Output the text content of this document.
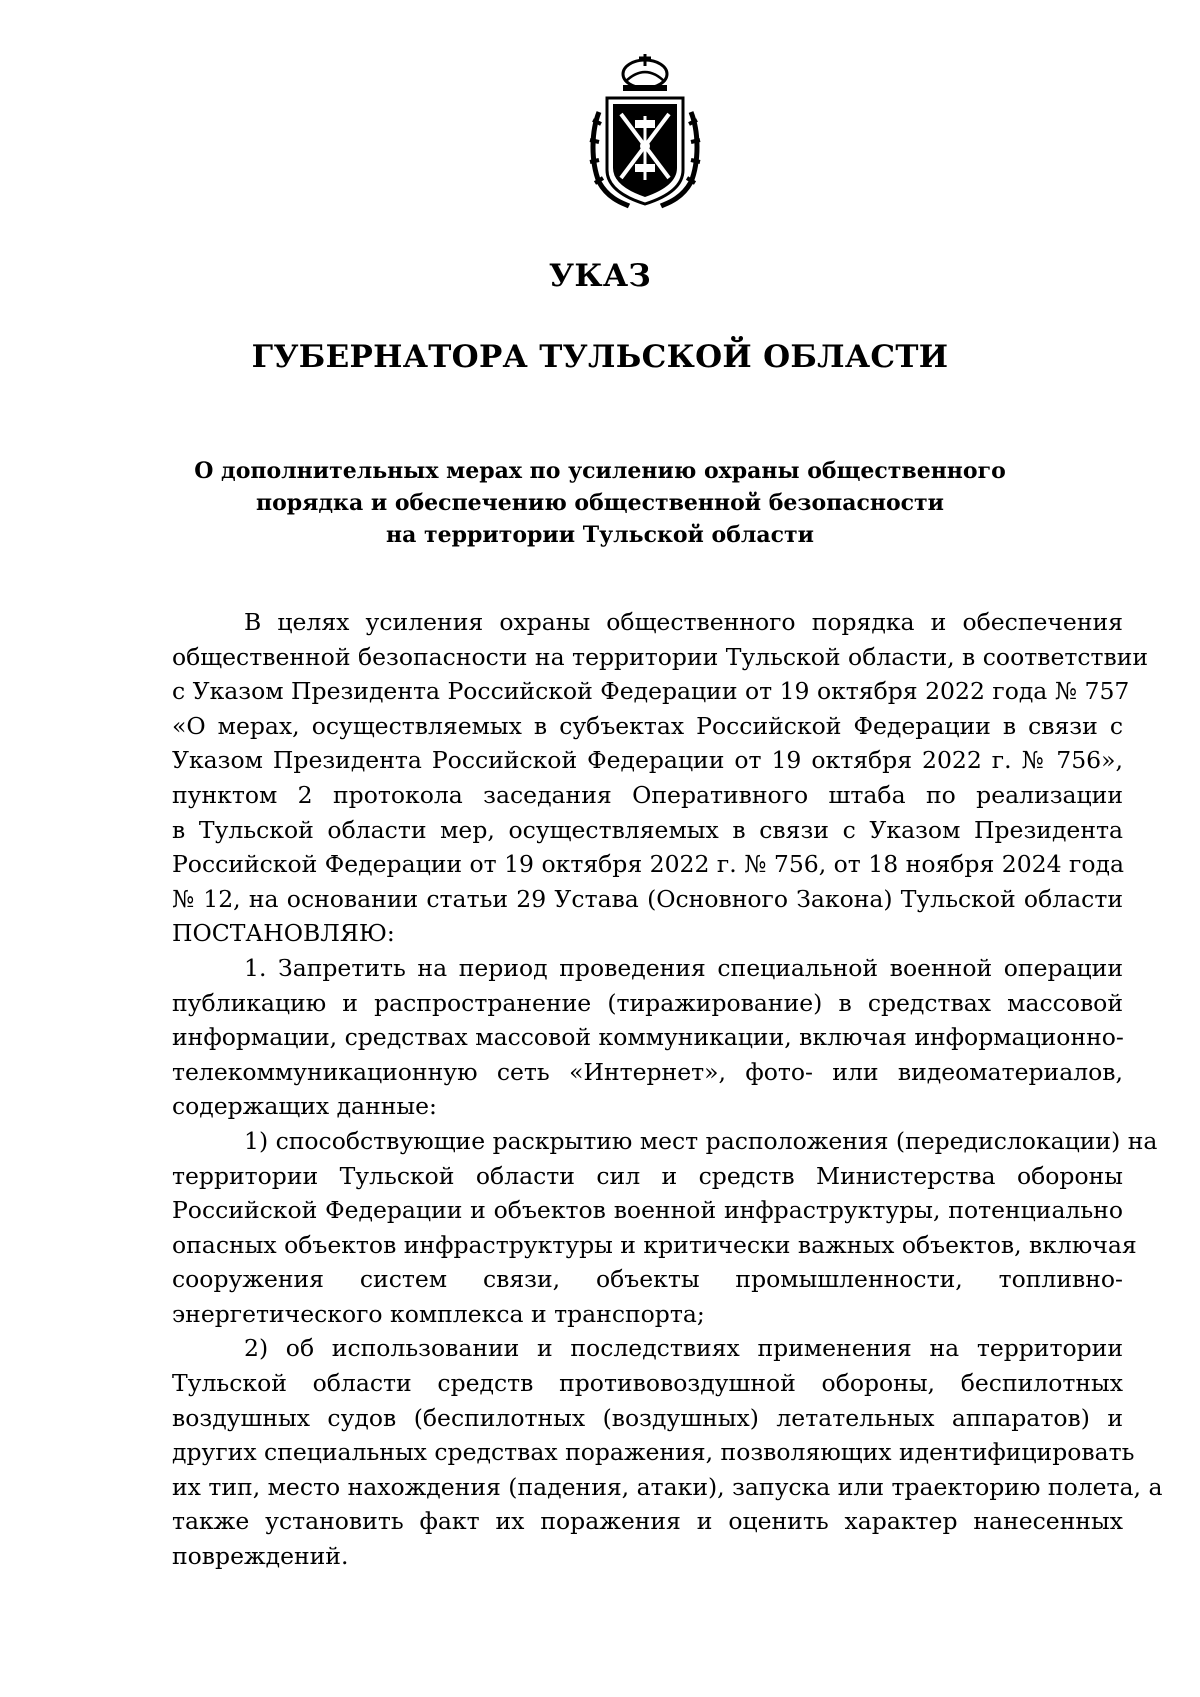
УКАЗ
ГУБЕРНАТОРА ТУЛЬСКОЙ ОБЛАСТИ
О дополнительных мерах по усилению охраны общественного
порядка и обеспечению общественной безопасности
на территории Тульской области
В целях усиления охраны общественного порядка и обеспечения
общественной безопасности на территории Тульской области, в соответствии
с Указом Президента Российской Федерации от 19 октября 2022 года № 757
«О мерах, осуществляемых в субъектах Российской Федерации в связи с
Указом Президента Российской Федерации от 19 октября 2022 г. № 756»,
пунктом 2 протокола заседания Оперативного штаба по реализации
в Тульской области мер, осуществляемых в связи с Указом Президента
Российской Федерации от 19 октября 2022 г. № 756, от 18 ноября 2024 года
№ 12, на основании статьи 29 Устава (Основного Закона) Тульской области
ПОСТАНОВЛЯЮ:
1. Запретить на период проведения специальной военной операции
публикацию и распространение (тиражирование) в средствах массовой
информации, средствах массовой коммуникации, включая информационно-
телекоммуникационную сеть «Интернет», фото- или видеоматериалов,
содержащих данные:
1) способствующие раскрытию мест расположения (передислокации) на
территории Тульской области сил и средств Министерства обороны
Российской Федерации и объектов военной инфраструктуры, потенциально
опасных объектов инфраструктуры и критически важных объектов, включая
сооружения систем связи, объекты промышленности, топливно-
энергетического комплекса и транспорта;
2) об использовании и последствиях применения на территории
Тульской области средств противовоздушной обороны, беспилотных
воздушных судов (беспилотных (воздушных) летательных аппаратов) и
других специальных средствах поражения, позволяющих идентифицировать
их тип, место нахождения (падения, атаки), запуска или траекторию полета, а
также установить факт их поражения и оценить характер нанесенных
повреждений.
